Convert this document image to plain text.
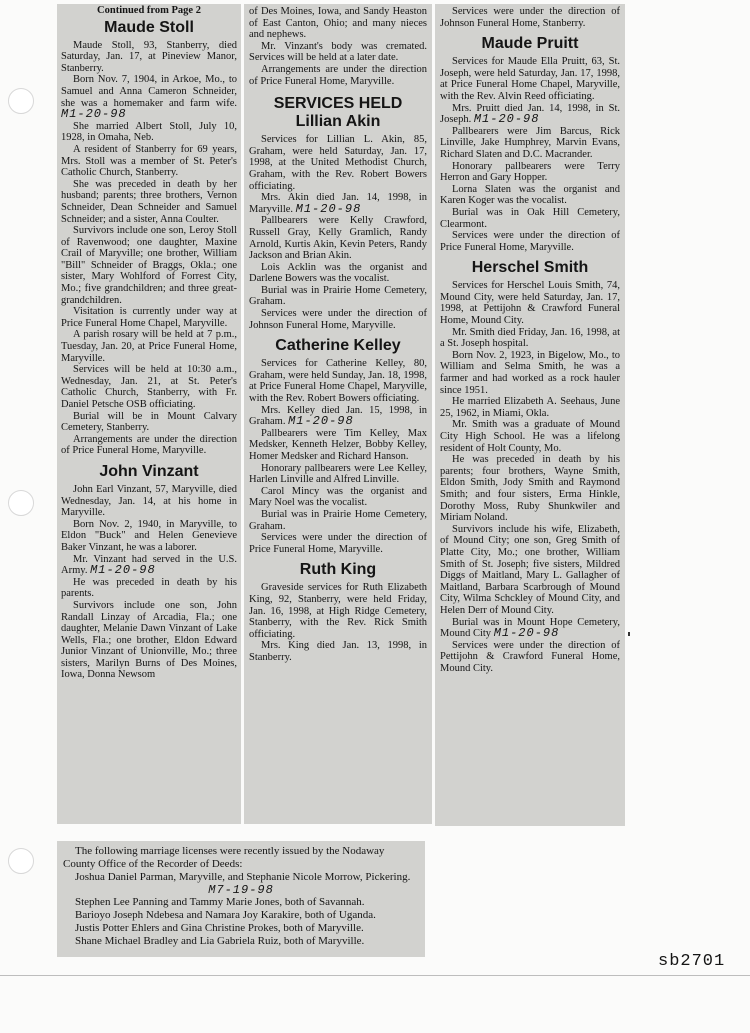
Continued from Page 2

Maude Stoll

Maude Stoll, 93, Stanberry, died Saturday, Jan. 17, at Pineview Manor, Stanberry.

Born Nov. 7, 1904, in Arkoe, Mo., to Samuel and Anna Cameron Schneider, she was a homemaker and farm wife. M1-20-98

She married Albert Stoll, July 10, 1928, in Omaha, Neb.

A resident of Stanberry for 69 years, Mrs. Stoll was a member of St. Peter's Catholic Church, Stanberry.

She was preceded in death by her husband; parents; three brothers, Vernon Schneider, Dean Schneider and Samuel Schneider; and a sister, Anna Coulter.

Survivors include one son, Leroy Stoll of Ravenwood; one daughter, Maxine Crail of Maryville; one brother, William "Bill" Schneider of Braggs, Okla.; one sister, Mary Wohlford of Forrest City, Mo.; five grandchildren; and three great-grandchildren.

Visitation is currently under way at Price Funeral Home Chapel, Maryville.

A parish rosary will be held at 7 p.m., Tuesday, Jan. 20, at Price Funeral Home, Maryville.

Services will be held at 10:30 a.m., Wednesday, Jan. 21, at St. Peter's Catholic Church, Stanberry, with Fr. Daniel Petsche OSB officiating.

Burial will be in Mount Calvary Cemetery, Stanberry.

Arrangements are under the direction of Price Funeral Home, Maryville.

John Vinzant

John Earl Vinzant, 57, Maryville, died Wednesday, Jan. 14, at his home in Maryville.

Born Nov. 2, 1940, in Maryville, to Eldon "Buck" and Helen Genevieve Baker Vinzant, he was a laborer.

Mr. Vinzant had served in the U.S. Army. M1-20-98

He was preceded in death by his parents.

Survivors include one son, John Randall Linzay of Arcadia, Fla.; one daughter, Melanie Dawn Vinzant of Lake Wells, Fla.; one brother, Eldon Edward Junior Vinzant of Unionville, Mo.; three sisters, Marilyn Burns of Des Moines, Iowa, Donna Newsom

of Des Moines, Iowa, and Sandy Heaston of East Canton, Ohio; and many nieces and nephews.

Mr. Vinzant's body was cremated. Services will be held at a later date.

Arrangements are under the direction of Price Funeral Home, Maryville.

SERVICES HELD
Lillian Akin

Services for Lillian L. Akin, 85, Graham, were held Saturday, Jan. 17, 1998, at the United Methodist Church, Graham, with the Rev. Robert Bowers officiating.

Mrs. Akin died Jan. 14, 1998, in Maryville. M1-20-98

Pallbearers were Kelly Crawford, Russell Gray, Kelly Gramlich, Randy Arnold, Kurtis Akin, Kevin Peters, Randy Jackson and Brian Akin.

Lois Acklin was the organist and Darlene Bowers was the vocalist.

Burial was in Prairie Home Cemetery, Graham.

Services were under the direction of Johnson Funeral Home, Maryville.

Catherine Kelley

Services for Catherine Kelley, 80, Graham, were held Sunday, Jan. 18, 1998, at Price Funeral Home Chapel, Maryville, with the Rev. Robert Bowers officiating.

Mrs. Kelley died Jan. 15, 1998, in Graham. M1-20-98

Pallbearers were Tim Kelley, Max Medsker, Kenneth Helzer, Bobby Kelley, Homer Medsker and Richard Hanson.

Honorary pallbearers were Lee Kelley, Harlen Linville and Alfred Linville.

Carol Mincy was the organist and Mary Noel was the vocalist.

Burial was in Prairie Home Cemetery, Graham.

Services were under the direction of Price Funeral Home, Maryville.

Ruth King

Graveside services for Ruth Elizabeth King, 92, Stanberry, were held Friday, Jan. 16, 1998, at High Ridge Cemetery, Stanberry, with the Rev. Rick Smith officiating.

Mrs. King died Jan. 13, 1998, in Stanberry.

Services were under the direction of Johnson Funeral Home, Stanberry.

Maude Pruitt

Services for Maude Ella Pruitt, 63, St. Joseph, were held Saturday, Jan. 17, 1998, at Price Funeral Home Chapel, Maryville, with the Rev. Alvin Reed officiating.

Mrs. Pruitt died Jan. 14, 1998, in St. Joseph. M1-20-98

Pallbearers were Jim Barcus, Rick Linville, Jake Humphrey, Marvin Evans, Richard Slaten and D.C. Macrander.

Honorary pallbearers were Terry Herron and Gary Hopper.

Lorna Slaten was the organist and Karen Koger was the vocalist.

Burial was in Oak Hill Cemetery, Clearmont.

Services were under the direction of Price Funeral Home, Maryville.

Herschel Smith

Services for Herschel Louis Smith, 74, Mound City, were held Saturday, Jan. 17, 1998, at Pettijohn & Crawford Funeral Home, Mound City.

Mr. Smith died Friday, Jan. 16, 1998, at a St. Joseph hospital.

Born Nov. 2, 1923, in Bigelow, Mo., to William and Selma Smith, he was a farmer and had worked as a rock hauler since 1951.

He married Elizabeth A. Seehaus, June 25, 1962, in Miami, Okla.

Mr. Smith was a graduate of Mound City High School. He was a lifelong resident of Holt County, Mo.

He was preceded in death by his parents; four brothers, Wayne Smith, Eldon Smith, Jody Smith and Raymond Smith; and four sisters, Erma Hinkle, Dorothy Moss, Ruby Shunkwiler and Miriam Noland.

Survivors include his wife, Elizabeth, of Mound City; one son, Greg Smith of Platte City, Mo.; one brother, William Smith of St. Joseph; five sisters, Mildred Diggs of Maitland, Mary L. Gallagher of Maitland, Barbara Scarbrough of Mound City, Wilma Schckley of Mound City, and Helen Derr of Mound City.

Burial was in Mount Hope Cemetery, Mound City M1-20-98

Services were under the direction of Pettijohn & Crawford Funeral Home, Mound City.

The following marriage licenses were recently issued by the Nodaway County Office of the Recorder of Deeds:

Joshua Daniel Parman, Maryville, and Stephanie Nicole Morrow, Pickering.

M7-19-98

Stephen Lee Panning and Tammy Marie Jones, both of Savannah.

Barioyo Joseph Ndebesa and Namara Joy Karakire, both of Uganda.

Justis Potter Ehlers and Gina Christine Prokes, both of Maryville.

Shane Michael Bradley and Lia Gabriela Ruiz, both of Maryville.

sb2701
